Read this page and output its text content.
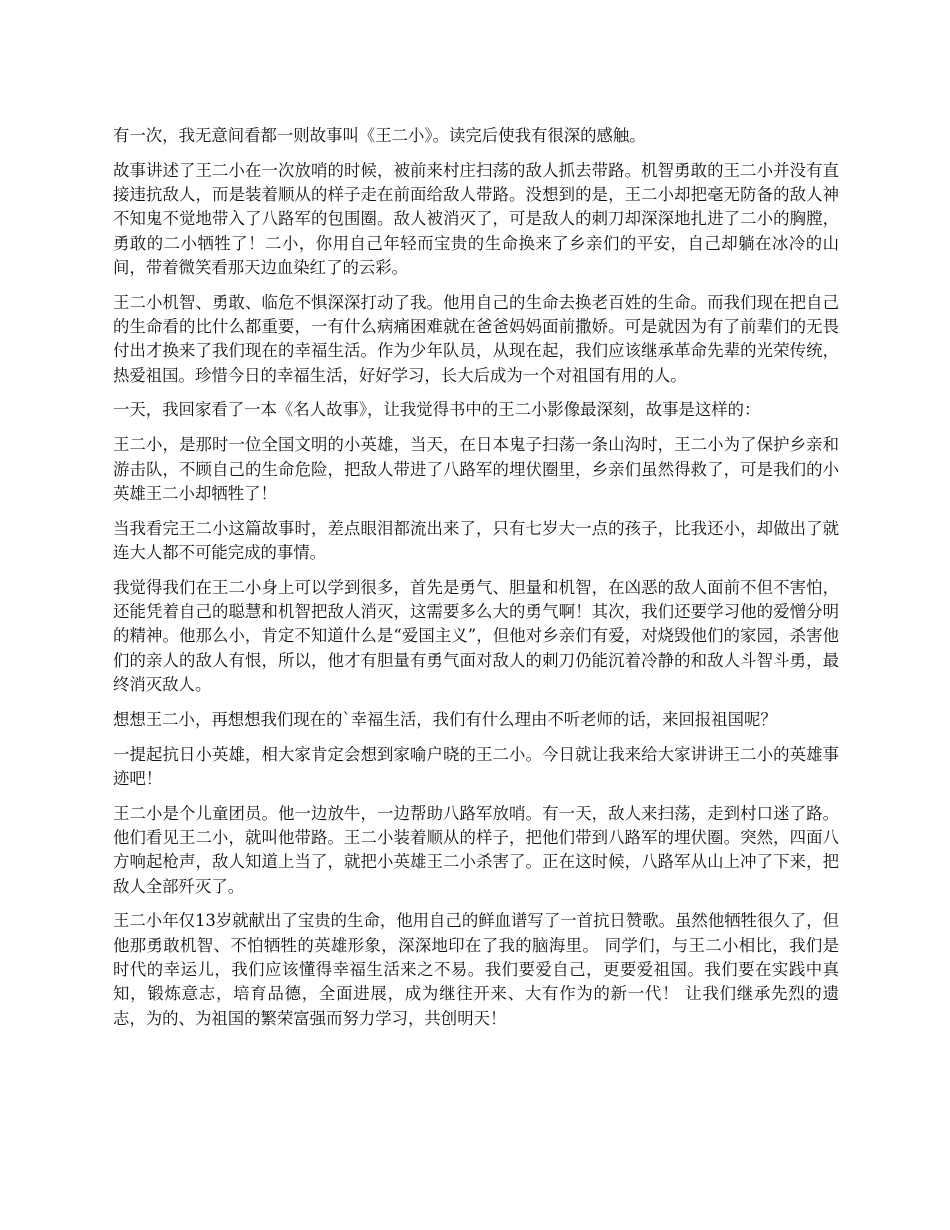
有一次，我无意间看都一则故事叫《王二小》。读完后使我有很深的感触。

故事讲述了王二小在一次放哨的时候，被前来村庄扫荡的敌人抓去带路。机智勇敢的王二小并没有直接违抗敌人，而是装着顺从的样子走在前面给敌人带路。没想到的是，王二小却把毫无防备的敌人神不知鬼不觉地带入了八路军的包围圈。敌人被消灭了，可是敌人的刺刀却深深地扎进了二小的胸膛，勇敢的二小牺牲了！二小，你用自己年轻而宝贵的生命换来了乡亲们的平安，自己却躺在冰冷的山间，带着微笑看那天边血染红了的云彩。

王二小机智、勇敢、临危不惧深深打动了我。他用自己的生命去换老百姓的生命。而我们现在把自己的生命看的比什么都重要，一有什么病痛困难就在爸爸妈妈面前撒娇。可是就因为有了前辈们的无畏付出才换来了我们现在的幸福生活。作为少年队员，从现在起，我们应该继承革命先辈的光荣传统，热爱祖国。珍惜今日的幸福生活，好好学习，长大后成为一个对祖国有用的人。

一天，我回家看了一本《名人故事》，让我觉得书中的王二小影像最深刻，故事是这样的：

王二小，是那时一位全国文明的小英雄，当天，在日本鬼子扫荡一条山沟时，王二小为了保护乡亲和游击队，不顾自己的生命危险，把敌人带进了八路军的埋伏圈里，乡亲们虽然得救了，可是我们的小英雄王二小却牺牲了！

当我看完王二小这篇故事时，差点眼泪都流出来了，只有七岁大一点的孩子，比我还小，却做出了就连大人都不可能完成的事情。

我觉得我们在王二小身上可以学到很多，首先是勇气、胆量和机智，在凶恶的敌人面前不但不害怕，还能凭着自己的聪慧和机智把敌人消灭，这需要多么大的勇气啊！其次，我们还要学习他的爱憎分明的精神。他那么小，肯定不知道什么是“爱国主义”，但他对乡亲们有爱，对烧毁他们的家园，杀害他们的亲人的敌人有恨，所以，他才有胆量有勇气面对敌人的刺刀仍能沉着冷静的和敌人斗智斗勇，最终消灭敌人。

想想王二小，再想想我们现在的`幸福生活，我们有什么理由不听老师的话，来回报祖国呢？

一提起抗日小英雄，相大家肯定会想到家喻户晓的王二小。今日就让我来给大家讲讲王二小的英雄事迹吧！

王二小是个儿童团员。他一边放牛，一边帮助八路军放哨。有一天，敌人来扫荡，走到村口迷了路。他们看见王二小，就叫他带路。王二小装着顺从的样子，把他们带到八路军的埋伏圈。突然，四面八方响起枪声，敌人知道上当了，就把小英雄王二小杀害了。正在这时候，八路军从山上冲了下来，把敌人全部歼灭了。

王二小年仅13岁就献出了宝贵的生命，他用自己的鲜血谱写了一首抗日赞歌。虽然他牺牲很久了，但他那勇敢机智、不怕牺牲的英雄形象，深深地印在了我的脑海里。 同学们，与王二小相比，我们是时代的幸运儿，我们应该懂得幸福生活来之不易。我们要爱自己，更要爱祖国。我们要在实践中真知，锻炼意志，培育品德，全面进展，成为继往开来、大有作为的新一代！ 让我们继承先烈的遗志，为的、为祖国的繁荣富强而努力学习，共创明天！
